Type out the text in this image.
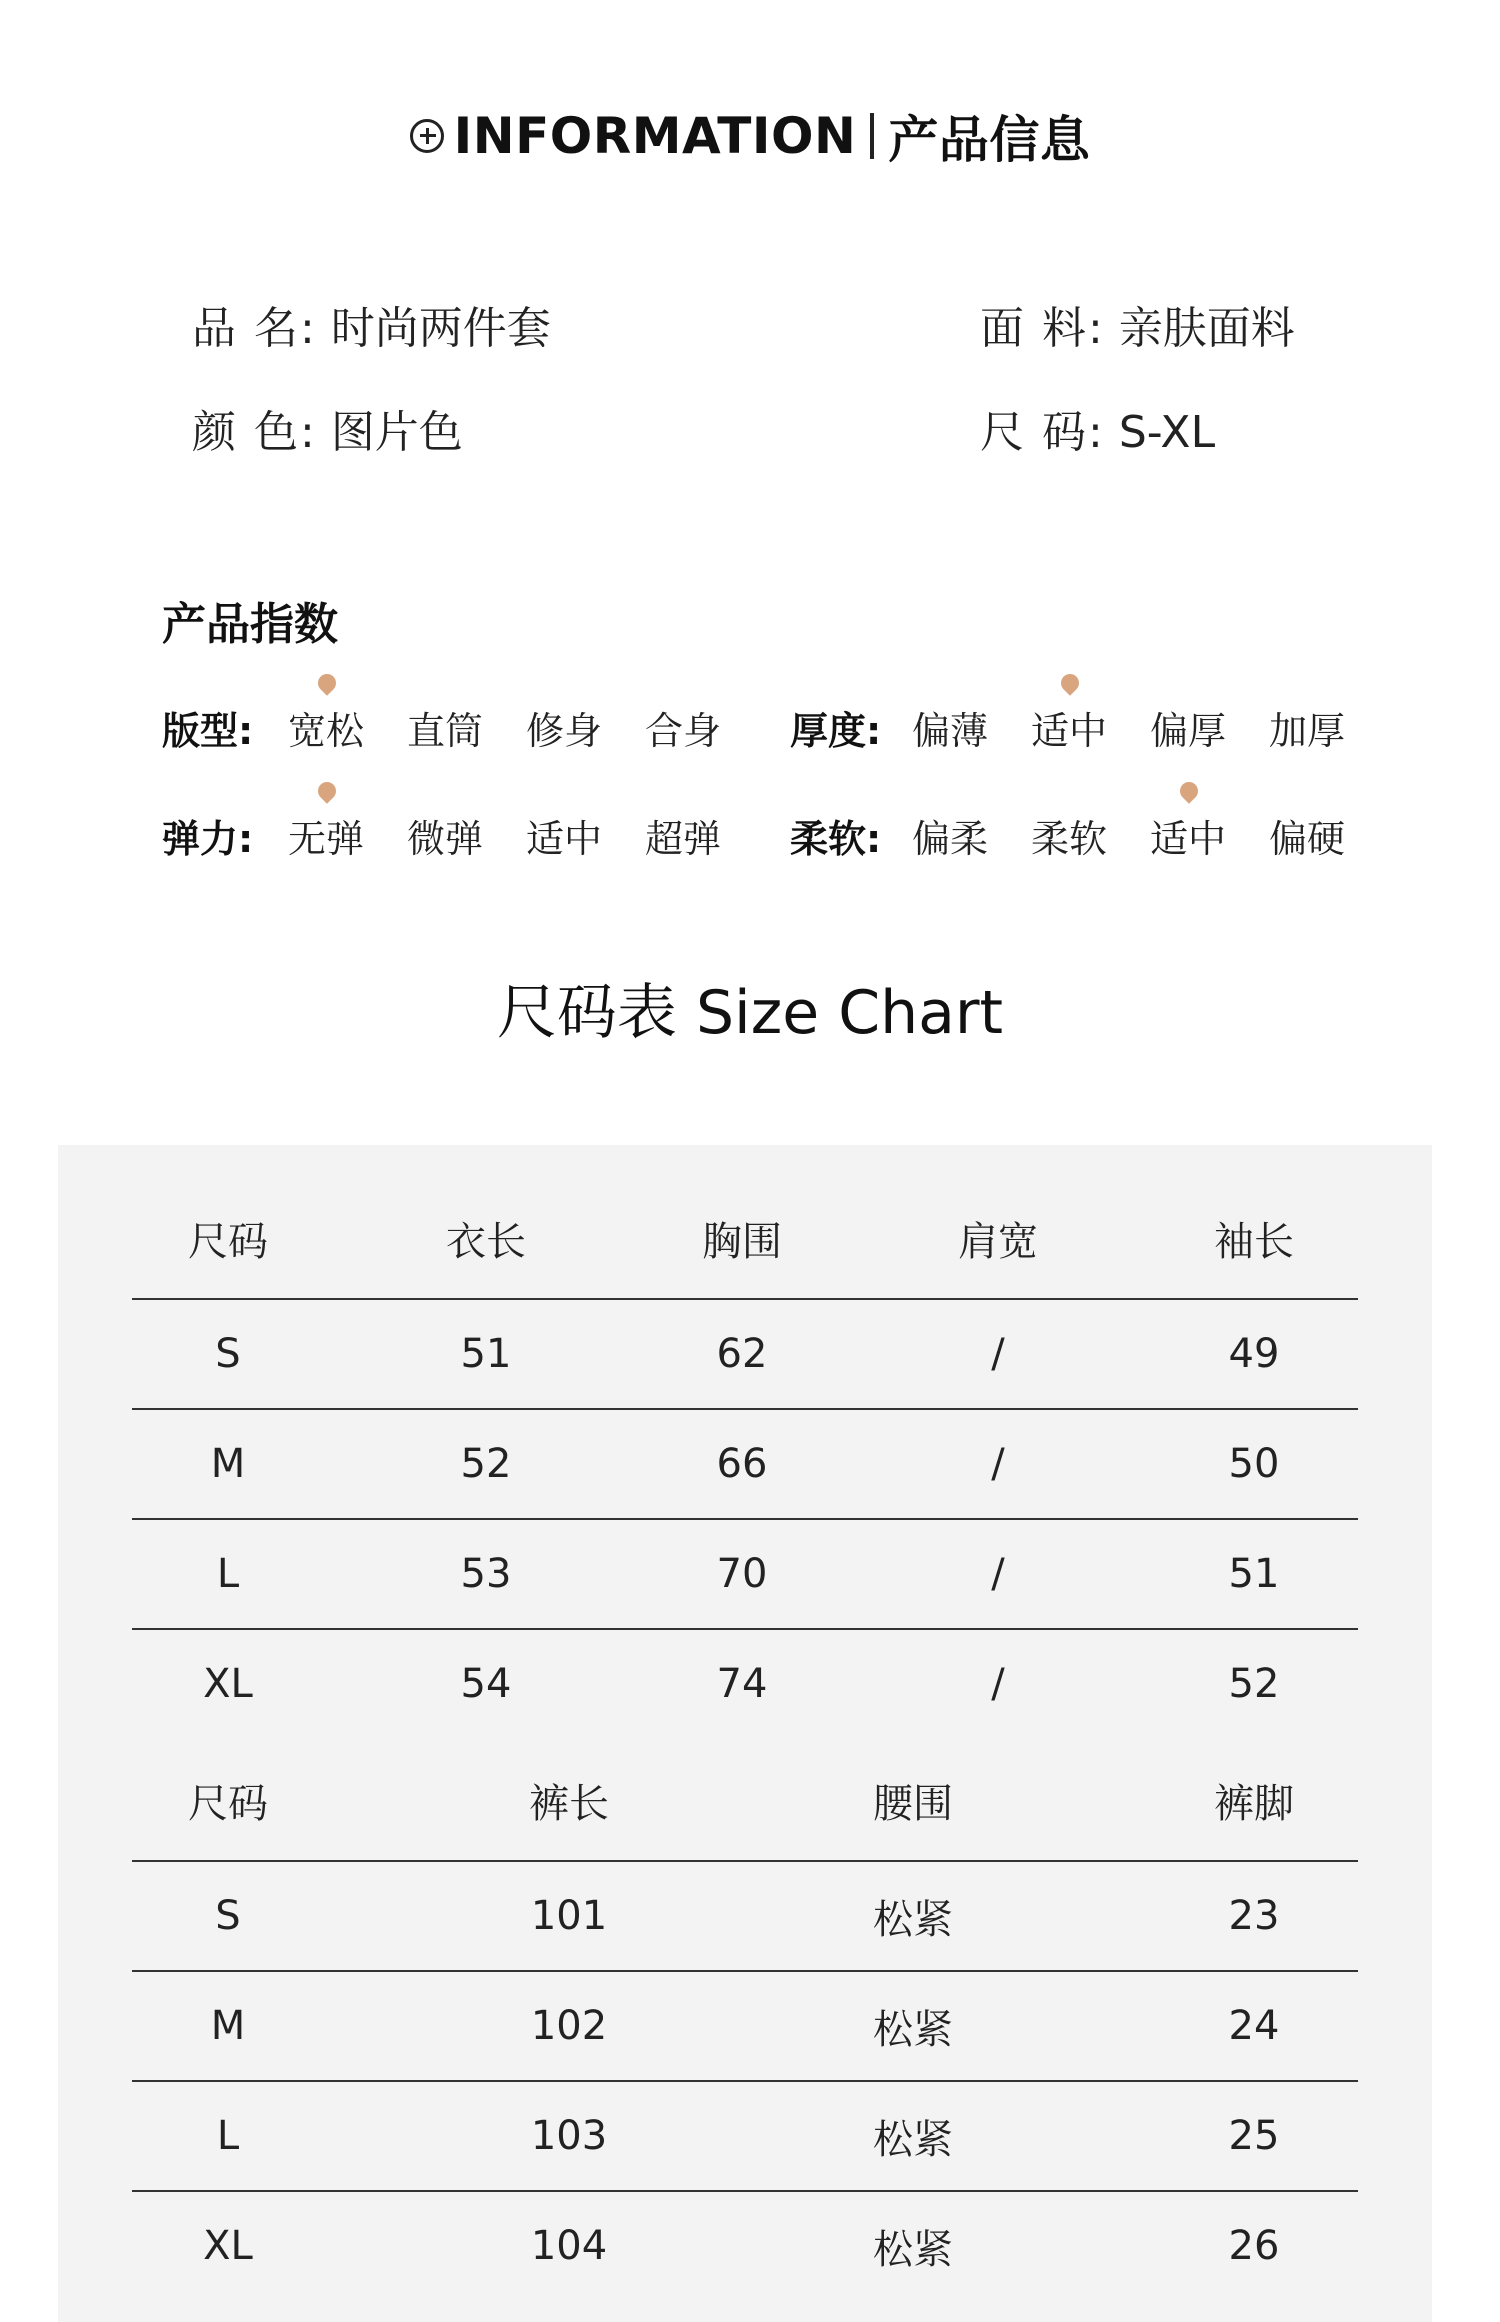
INFORMATION 产品信息
品 名: 时尚两件套	面 料: 亲肤面料
颜 色: 图片色	尺 码: S-XL
产品指数
版型: 宽松 直筒 修身 合身 厚度: 偏薄 适中 偏厚 加厚
弹力: 无弹 微弹 适中 超弹 柔软: 偏柔 柔软 适中 偏硬
尺码表 Size Chart
尺码	衣长	胸围	肩宽	袖长
S	51	62	/	49
M	52	66	/	50
L	53	70	/	51
XL	54	74	/	52
尺码	裤长	腰围	裤脚
S	101	松紧	23
M	102	松紧	24
L	103	松紧	25
XL	104	松紧	26
